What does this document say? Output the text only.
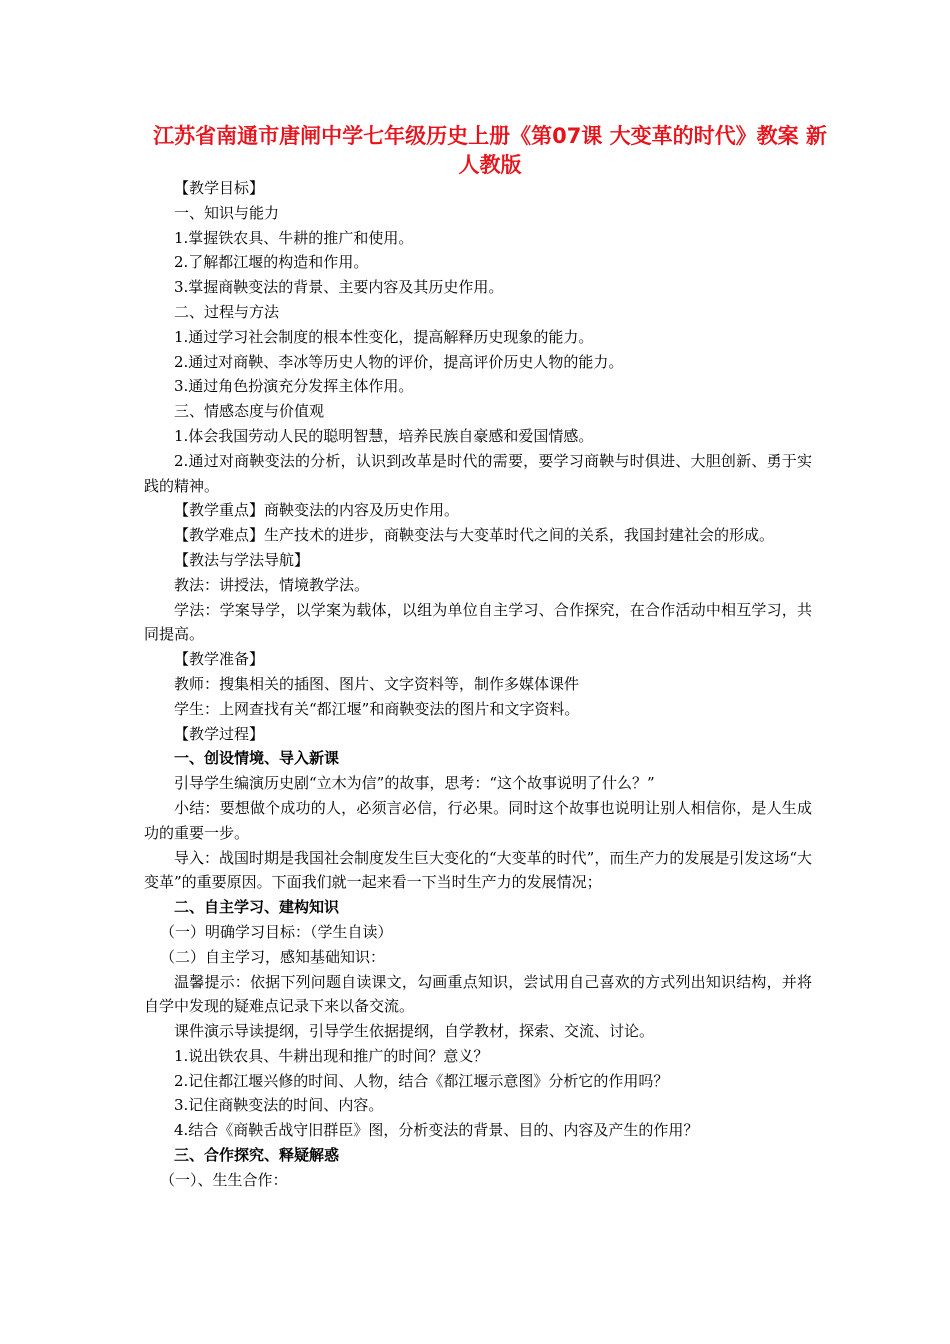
江苏省南通市唐闸中学七年级历史上册《第07课 大变革的时代》教案 新人教版

【教学目标】

一、知识与能力

1.掌握铁农具、牛耕的推广和使用。

2.了解都江堰的构造和作用。

3.掌握商鞅变法的背景、主要内容及其历史作用。

二、过程与方法

1.通过学习社会制度的根本性变化，提高解释历史现象的能力。

2.通过对商鞅、李冰等历史人物的评价，提高评价历史人物的能力。

3.通过角色扮演充分发挥主体作用。

三、情感态度与价值观

1.体会我国劳动人民的聪明智慧，培养民族自豪感和爱国情感。

2.通过对商鞅变法的分析，认识到改革是时代的需要，要学习商鞅与时俱进、大胆创新、勇于实践的精神。

【教学重点】商鞅变法的内容及历史作用。

【教学难点】生产技术的进步，商鞅变法与大变革时代之间的关系，我国封建社会的形成。

【教法与学法导航】

教法：讲授法，情境教学法。

学法：学案导学，以学案为载体，以组为单位自主学习、合作探究，在合作活动中相互学习，共同提高。

【教学准备】

教师：搜集相关的插图、图片、文字资料等，制作多媒体课件

学生：上网查找有关“都江堰”和商鞅变法的图片和文字资料。

【教学过程】

一、创设情境、导入新课

引导学生编演历史剧“立木为信”的故事，思考：“这个故事说明了什么？”

小结：要想做个成功的人，必须言必信，行必果。同时这个故事也说明让别人相信你，是人生成功的重要一步。

导入：战国时期是我国社会制度发生巨大变化的“大变革的时代”，而生产力的发展是引发这场“大变革”的重要原因。下面我们就一起来看一下当时生产力的发展情况；

二、自主学习、建构知识

（一）明确学习目标：（学生自读）

（二）自主学习，感知基础知识：

温馨提示：依据下列问题自读课文，勾画重点知识，尝试用自己喜欢的方式列出知识结构，并将自学中发现的疑难点记录下来以备交流。

课件演示导读提纲，引导学生依据提纲，自学教材，探索、交流、讨论。

1.说出铁农具、牛耕出现和推广的时间？意义？

2.记住都江堰兴修的时间、人物，结合《都江堰示意图》分析它的作用吗？

3.记住商鞅变法的时间、内容。

4.结合《商鞅舌战守旧群臣》图，分析变法的背景、目的、内容及产生的作用？

三、合作探究、释疑解惑

（一）、生生合作：
